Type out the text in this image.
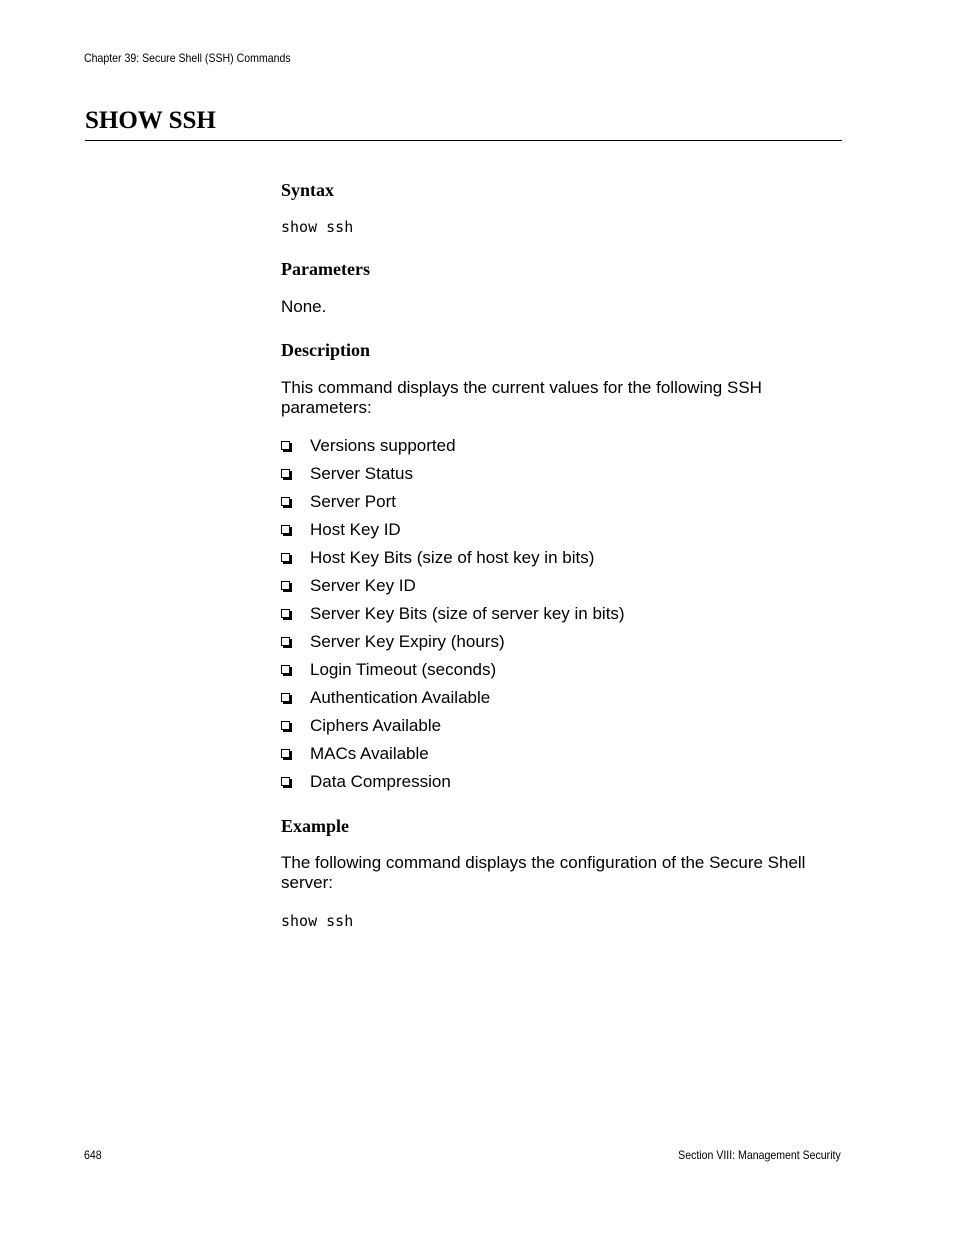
Chapter 39: Secure Shell (SSH) Commands
SHOW SSH
Syntax
show ssh
Parameters

None.

Description

This command displays the current values for the following SSH parameters:

Versions supported
Server Status
Server Port
Host Key ID
Host Key Bits (size of host key in bits)
Server Key ID
Server Key Bits (size of server key in bits)
Server Key Expiry (hours)
Login Timeout (seconds)
Authentication Available
Ciphers Available
MACs Available
Data Compression
Example

The following command displays the configuration of the Secure Shell server:

show ssh
648	Section VIII: Management Security
